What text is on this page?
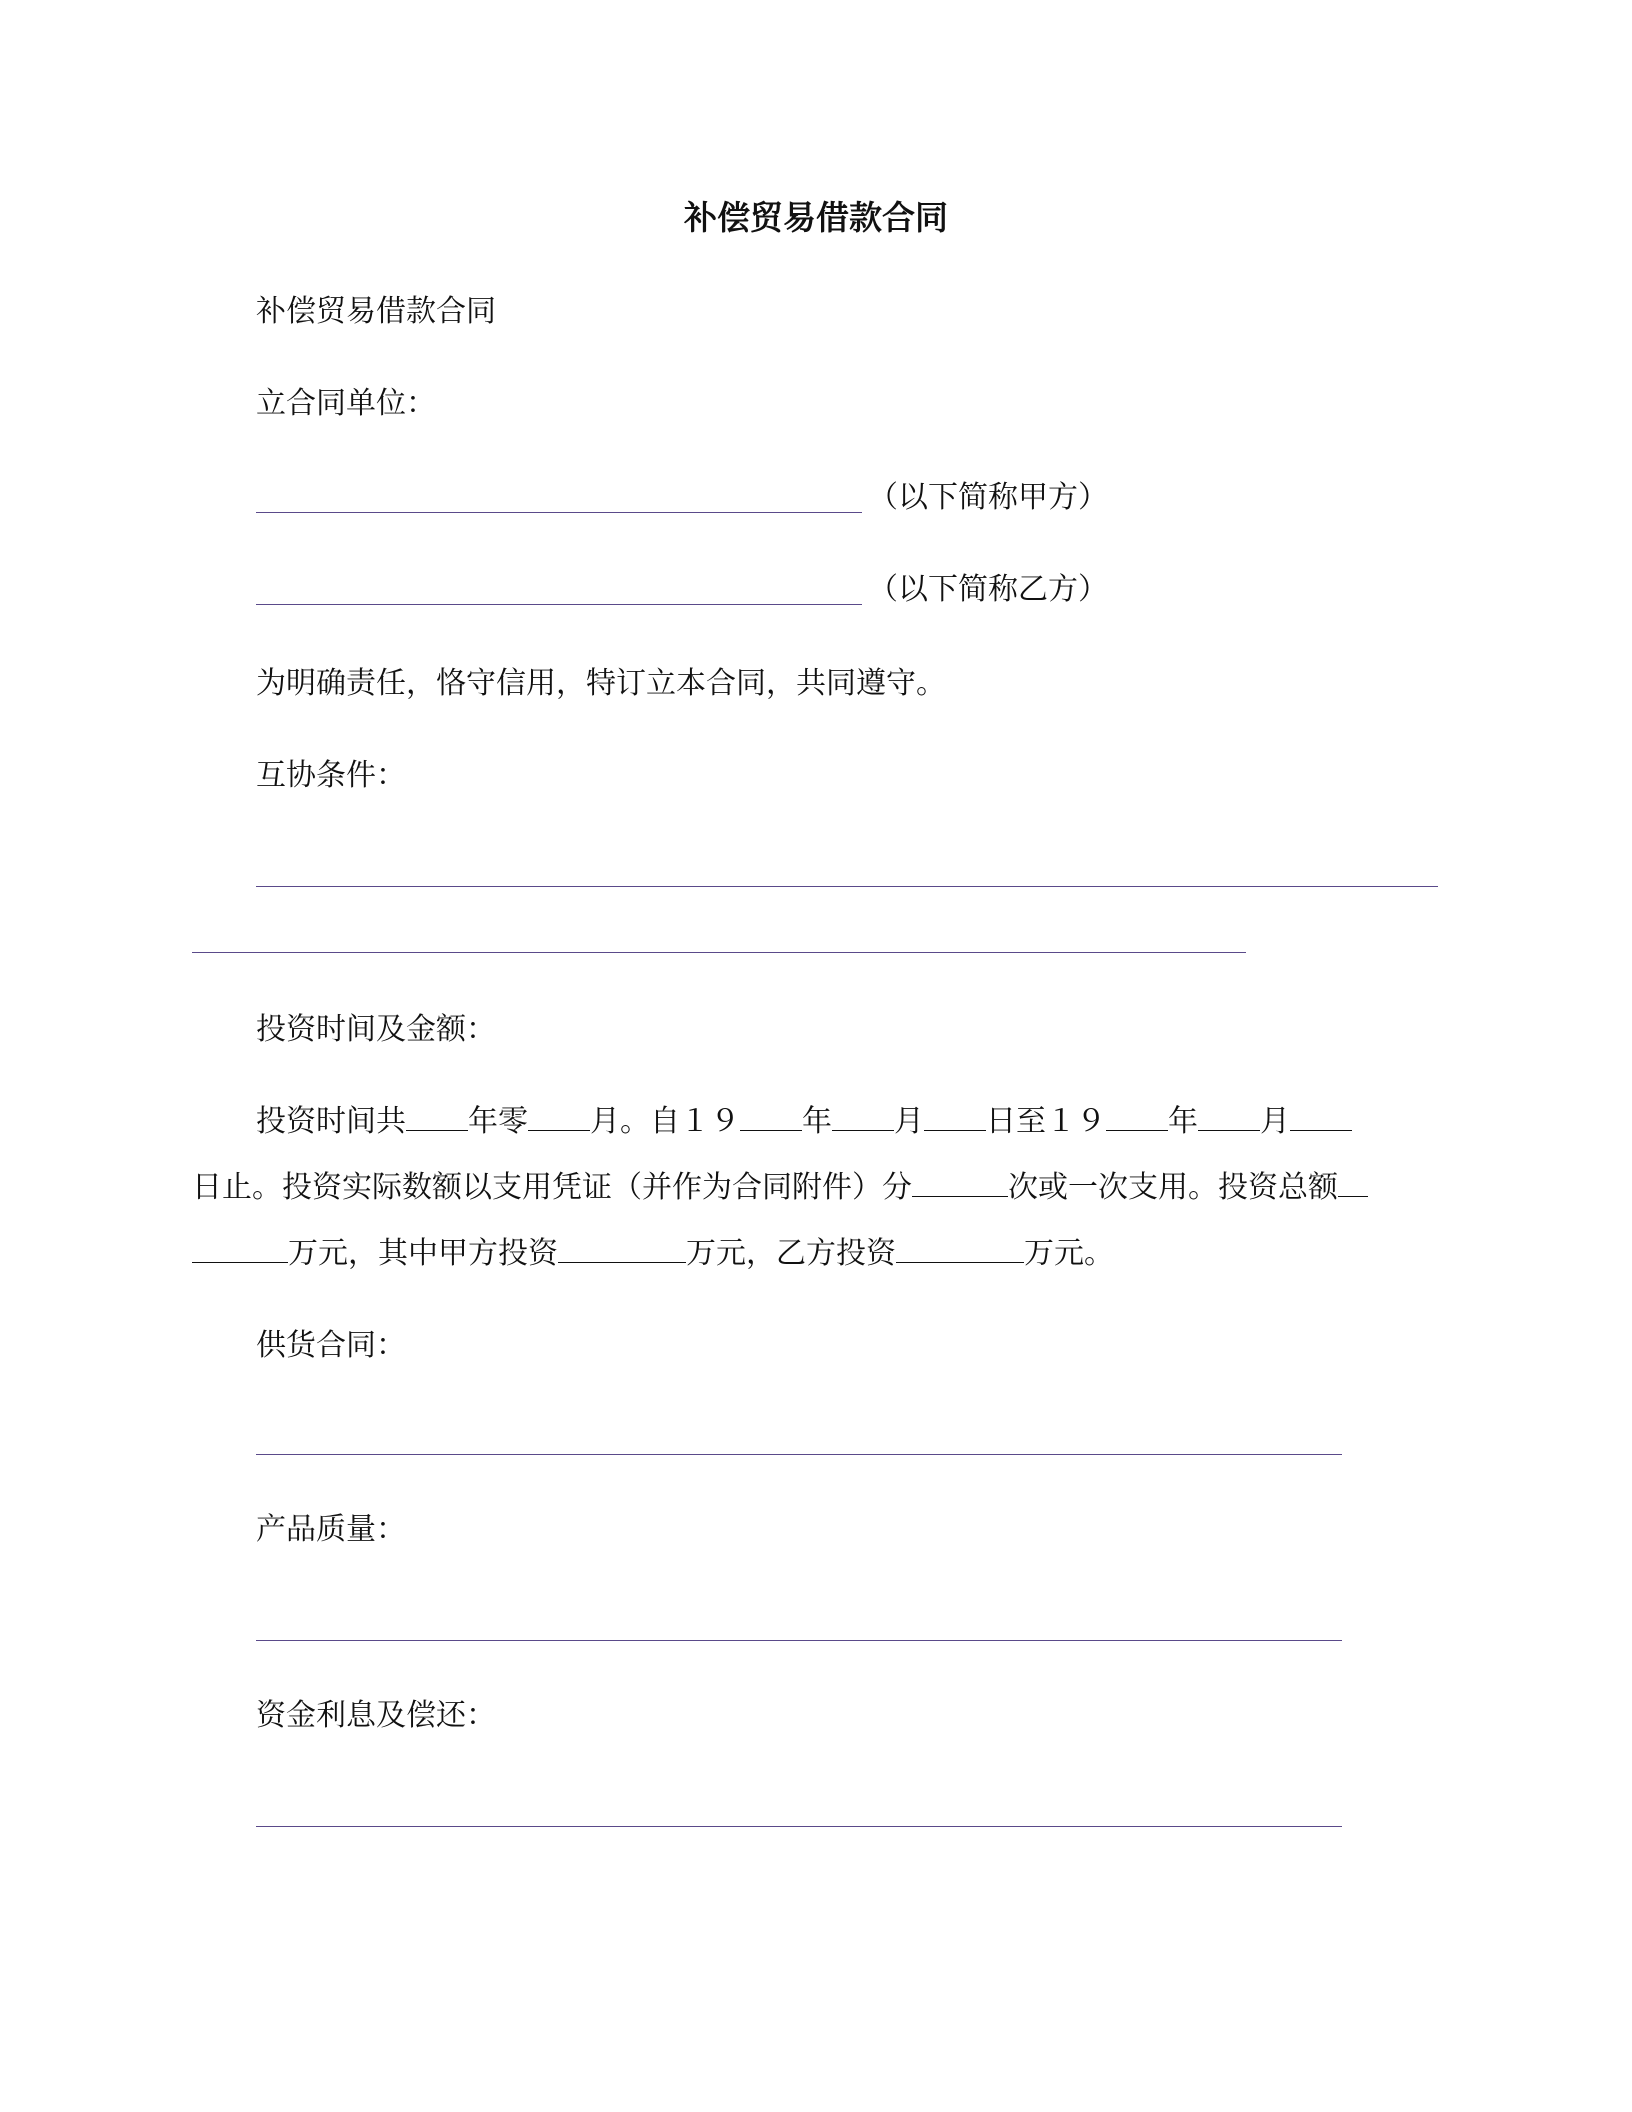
补偿贸易借款合同
补偿贸易借款合同
立合同单位：
（以下简称甲方）
（以下简称乙方）
为明确责任，恪守信用，特订立本合同，共同遵守。
互协条件：
投资时间及金额：
投资时间共 年零 月。自１９ 年 月 日至１９ 年 月
日止。投资实际数额以支用凭证（并作为合同附件）分	次或一次支用。投资总额
万元，其中甲方投资	万元，乙方投资	万元。
供货合同：
产品质量：
资金利息及偿还：
